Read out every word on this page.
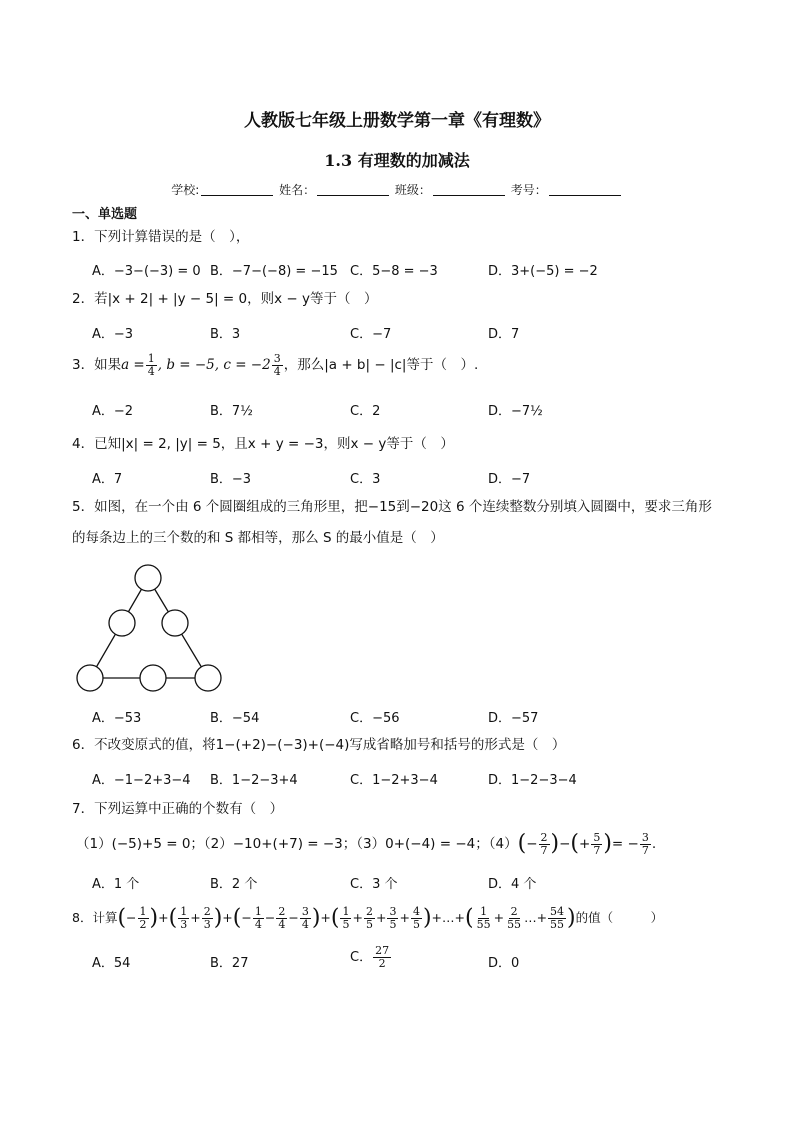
人教版七年级上册数学第一章《有理数》
1.3 有理数的加减法
学校:	姓名：	班级：	考号：
一、单选题
1．下列计算错误的是（　），
A．−3−(−3) = 0 B．−7−(−8) = −15 C．5−8 = −3	D．3+(−5) = −2
2．若|x + 2| + |y − 5| = 0，则x − y等于（　）
A．−3	B．3	C．−7	D．7
3．如果$a = \frac{1}{4}$ , b = −5, $c = -2 \frac{3}{4}$ ，那么|a + b| − |c|等于（　）.
A．−2	B．7½	C．2	D．−7½
4．已知|x| = 2, |y| = 5，且x + y = −3，则x − y等于（　）
A．7	B．−3	C．3	D．−7
5．如图，在一个由 6 个圆圈组成的三角形里，把−15到−20这 6 个连续整数分别填入圆圈中，要求三角形
的每条边上的三个数的和 S 都相等，那么 S 的最小值是（　）
A．−53	B．−54	C．−56	D．−57
6．不改变原式的值，将1−(+2)−(−3)+(−4)写成省略加号和括号的形式是（　）
A．−1−2+3−4 B．1−2−3+4	C．1−2+3−4	D．1−2−3−4
7．下列运算中正确的个数有（　）
（1）(−5)+5 = 0；（2）−10+(+7) = −3；（3）0+(−4) = −4；$(4)(- \frac{2}{7}$ )−(+ $\frac{5}{7}$ )= − $\frac{3}{7}$ .
A．1 个	B．2 个	C．3 个	D．4 个
8．计算(− $\frac{1}{2}$ )+( $\frac{1}{3} + \frac{2}{3}$ )+(− $\frac{1}{4} - \frac{2}{4} - \frac{3}{4}$ )+( $\frac{1}{5} + \frac{2}{5} + \frac{3}{5} + \frac{4}{5}$ )+…+( $\frac{1}{55} + \frac{2}{55}$ …+ $\frac{54}{55}$ )的值（　　　）
A．54	B．27	C． $\frac{27}{2}$	D．0
